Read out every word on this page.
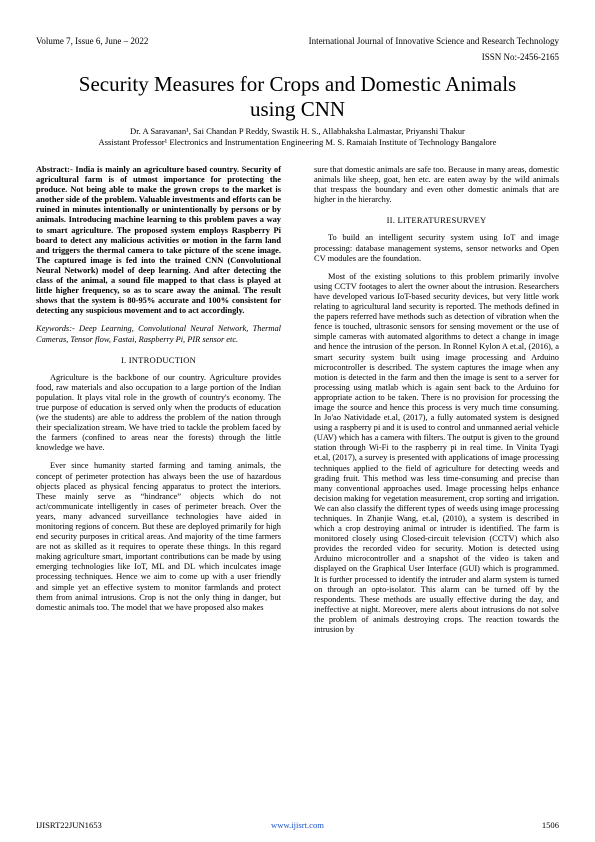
Volume 7, Issue 6, June – 2022	International Journal of Innovative Science and Research Technology
ISSN No:-2456-2165
Security Measures for Crops and Domestic Animals using CNN
Dr. A Saravanan¹, Sai Chandan P Reddy, Swastik H. S., Allabhaksha Lalmastar, Priyanshi Thakur
Assistant Professor¹ Electronics and Instrumentation Engineering M. S. Ramaiah Institute of Technology Bangalore

Abstract:- India is mainly an agriculture based country. Security of agricultural farm is of utmost importance for protecting the produce. Not being able to make the grown crops to the market is another side of the problem. Valuable investments and efforts can be ruined in minutes intentionally or unintentionally by persons or by animals. Introducing machine learning to this problem paves a way to smart agriculture. The proposed system employs Raspberry Pi board to detect any malicious activities or motion in the farm land and triggers the thermal camera to take picture of the scene image. The captured image is fed into the trained CNN (Convolutional Neural Network) model of deep learning. And after detecting the class of the animal, a sound file mapped to that class is played at little higher frequency, so as to scare away the animal. The result shows that the system is 80-95% accurate and 100% consistent for detecting any suspicious movement and to act accordingly.

Keywords:- Deep Learning, Convolutional Neural Network, Thermal Cameras, Tensor flow, Fastai, Raspberry Pi, PIR sensor etc.

I. INTRODUCTION

Agriculture is the backbone of our country. Agriculture provides food, raw materials and also occupation to a large portion of the Indian population. It plays vital role in the growth of country's economy. The true purpose of education is served only when the products of education (we the students) are able to address the problem of the nation through their specialization stream. We have tried to tackle the problem faced by the farmers (confined to areas near the forests) through the little knowledge we have.

Ever since humanity started farming and taming animals, the concept of perimeter protection has always been the use of hazardous objects placed as physical fencing apparatus to protect the interiors. These mainly serve as “hindrance” objects which do not act/communicate intelligently in cases of perimeter breach. Over the years, many advanced surveillance technologies have aided in monitoring regions of concern. But these are deployed primarily for high end security purposes in critical areas. And majority of the time farmers are not as skilled as it requires to operate these things. In this regard making agriculture smart, important contributions can be made by using emerging technologies like IoT, ML and DL which inculcates image processing techniques. Hence we aim to come up with a user friendly and simple yet an effective system to monitor farmlands and protect them from animal intrusions. Crop is not the only thing in danger, but domestic animals too. The model that we have proposed also makes

sure that domestic animals are safe too. Because in many areas, domestic animals like sheep, goat, hen etc. are eaten away by the wild animals that trespass the boundary and even other domestic animals that are higher in the hierarchy.

II. LITERATURESURVEY

To build an intelligent security system using IoT and image processing: database management systems, sensor networks and Open CV modules are the foundation.

Most of the existing solutions to this problem primarily involve using CCTV footages to alert the owner about the intrusion. Researchers have developed various IoT-based security devices, but very little work relating to agricultural land security is reported. The methods defined in the papers referred have methods such as detection of vibration when the fence is touched, ultrasonic sensors for sensing movement or the use of simple cameras with automated algorithms to detect a change in image and hence the intrusion of the person. In Ronnel Kylon A et.al, (2016), a smart security system built using image processing and Arduino microcontroller is described. The system captures the image when any motion is detected in the farm and then the image is sent to a server for processing using matlab which is again sent back to the Arduino for appropriate action to be taken. There is no provision for processing the image the source and hence this process is very much time consuming. In Jo'ao Natividade et.al, (2017), a fully automated system is designed using a raspberry pi and it is used to control and unmanned aerial vehicle (UAV) which has a camera with filters. The output is given to the ground station through Wi-Fi to the raspberry pi in real time. In Vinita Tyagi et.al, (2017), a survey is presented with applications of image processing techniques applied to the field of agriculture for detecting weeds and grading fruit. This method was less time-consuming and precise than many conventional approaches used. Image processing helps enhance decision making for vegetation measurement, crop sorting and irrigation. We can also classify the different types of weeds using image processing techniques. In Zhanjie Wang, et.al, (2010), a system is described in which a crop destroying animal or intruder is identified. The farm is monitored closely using Closed-circuit television (CCTV) which also provides the recorded video for security. Motion is detected using Arduino microcontroller and a snapshot of the video is taken and displayed on the Graphical User Interface (GUI) which is programmed. It is further processed to identify the intruder and alarm system is turned on through an opto-isolator. This alarm can be turned off by the respondents. These methods are usually effective during the day, and ineffective at night. Moreover, mere alerts about intrusions do not solve the problem of animals destroying crops. The reaction towards the intrusion by

IJISRT22JUN1653	www.ijisrt.com	1506
